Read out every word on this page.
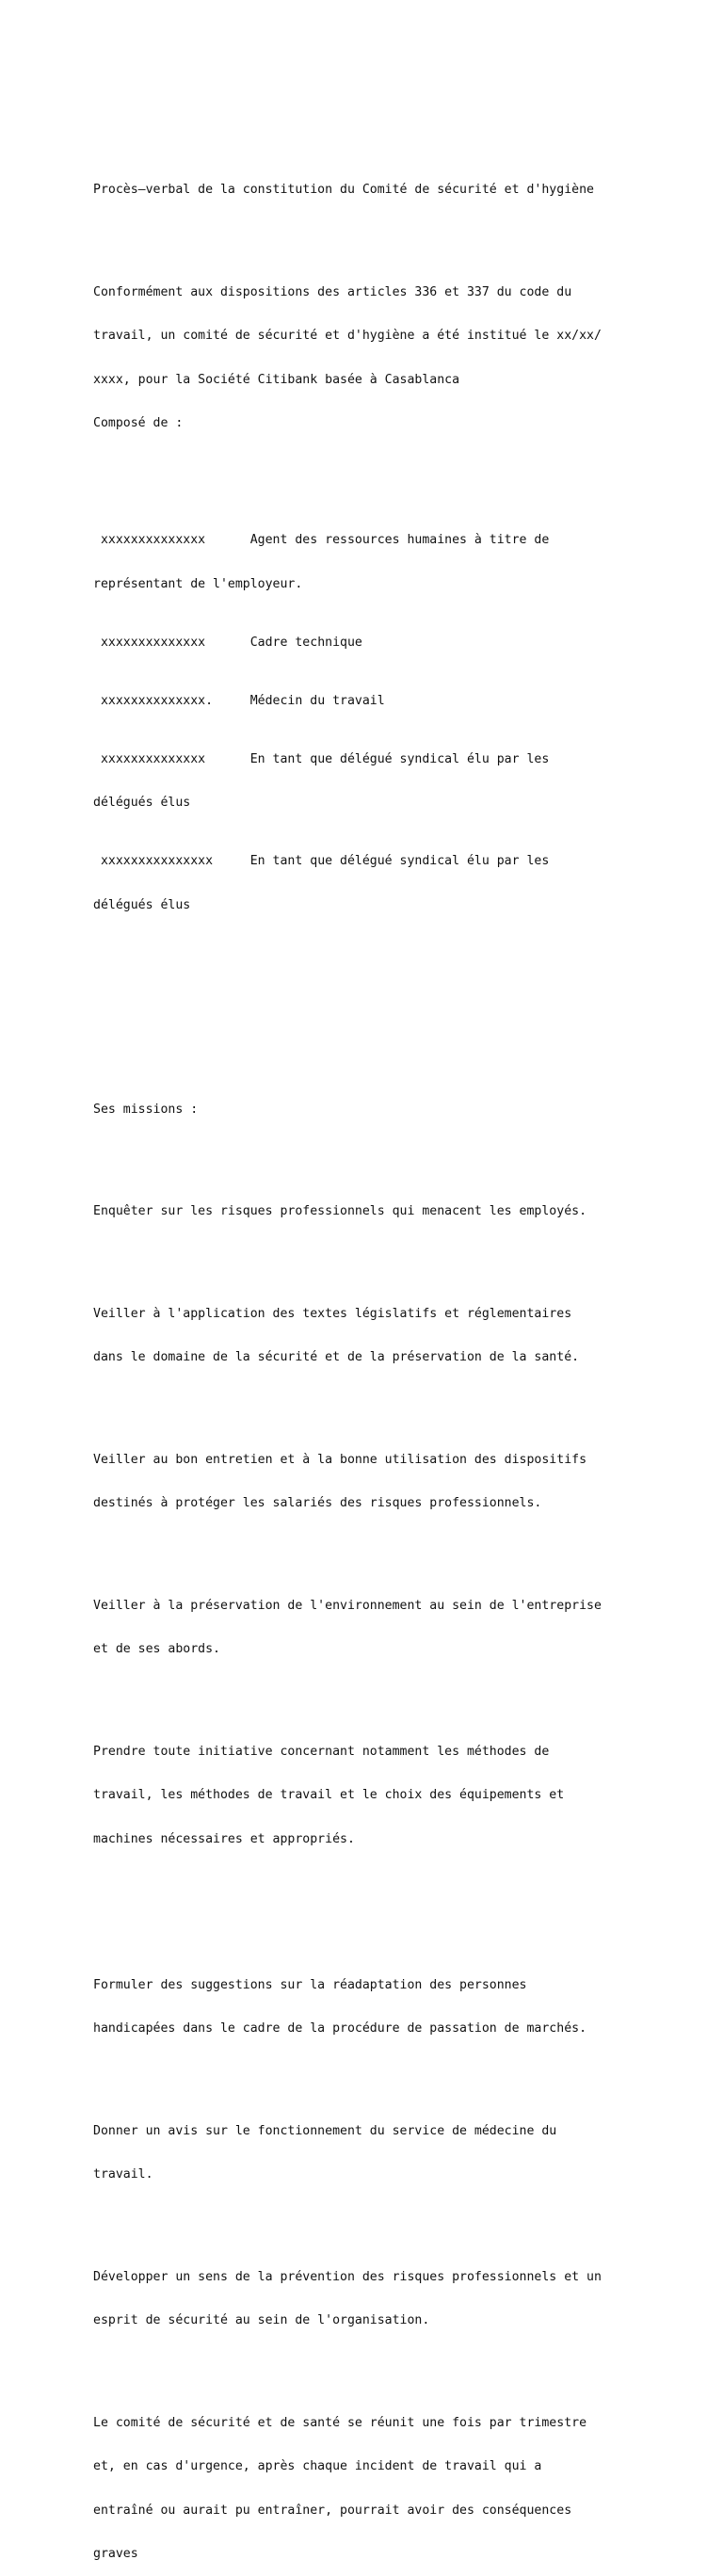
Procès–verbal de la constitution du Comité de sécurité et d'hygiène

Conformément aux dispositions des articles 336 et 337 du code du

travail, un comité de sécurité et d'hygiène a été institué le xx/xx/

xxxx, pour la Société Citibank basée à Casablanca

Composé de :

xxxxxxxxxxxxxx      Agent des ressources humaines à titre de

représentant de l'employeur.

xxxxxxxxxxxxxx      Cadre technique

xxxxxxxxxxxxxx.     Médecin du travail

xxxxxxxxxxxxxx      En tant que délégué syndical élu par les

délégués élus

xxxxxxxxxxxxxxx     En tant que délégué syndical élu par les

délégués élus

Ses missions :

Enquêter sur les risques professionnels qui menacent les employés.

Veiller à l'application des textes législatifs et réglementaires

dans le domaine de la sécurité et de la préservation de la santé.

Veiller au bon entretien et à la bonne utilisation des dispositifs

destinés à protéger les salariés des risques professionnels.

Veiller à la préservation de l'environnement au sein de l'entreprise

et de ses abords.

Prendre toute initiative concernant notamment les méthodes de

travail, les méthodes de travail et le choix des équipements et

machines nécessaires et appropriés.

Formuler des suggestions sur la réadaptation des personnes

handicapées dans le cadre de la procédure de passation de marchés.

Donner un avis sur le fonctionnement du service de médecine du

travail.

Développer un sens de la prévention des risques professionnels et un

esprit de sécurité au sein de l'organisation.

Le comité de sécurité et de santé se réunit une fois par trimestre

et, en cas d'urgence, après chaque incident de travail qui a

entraîné ou aurait pu entraîner, pourrait avoir des conséquences

graves
